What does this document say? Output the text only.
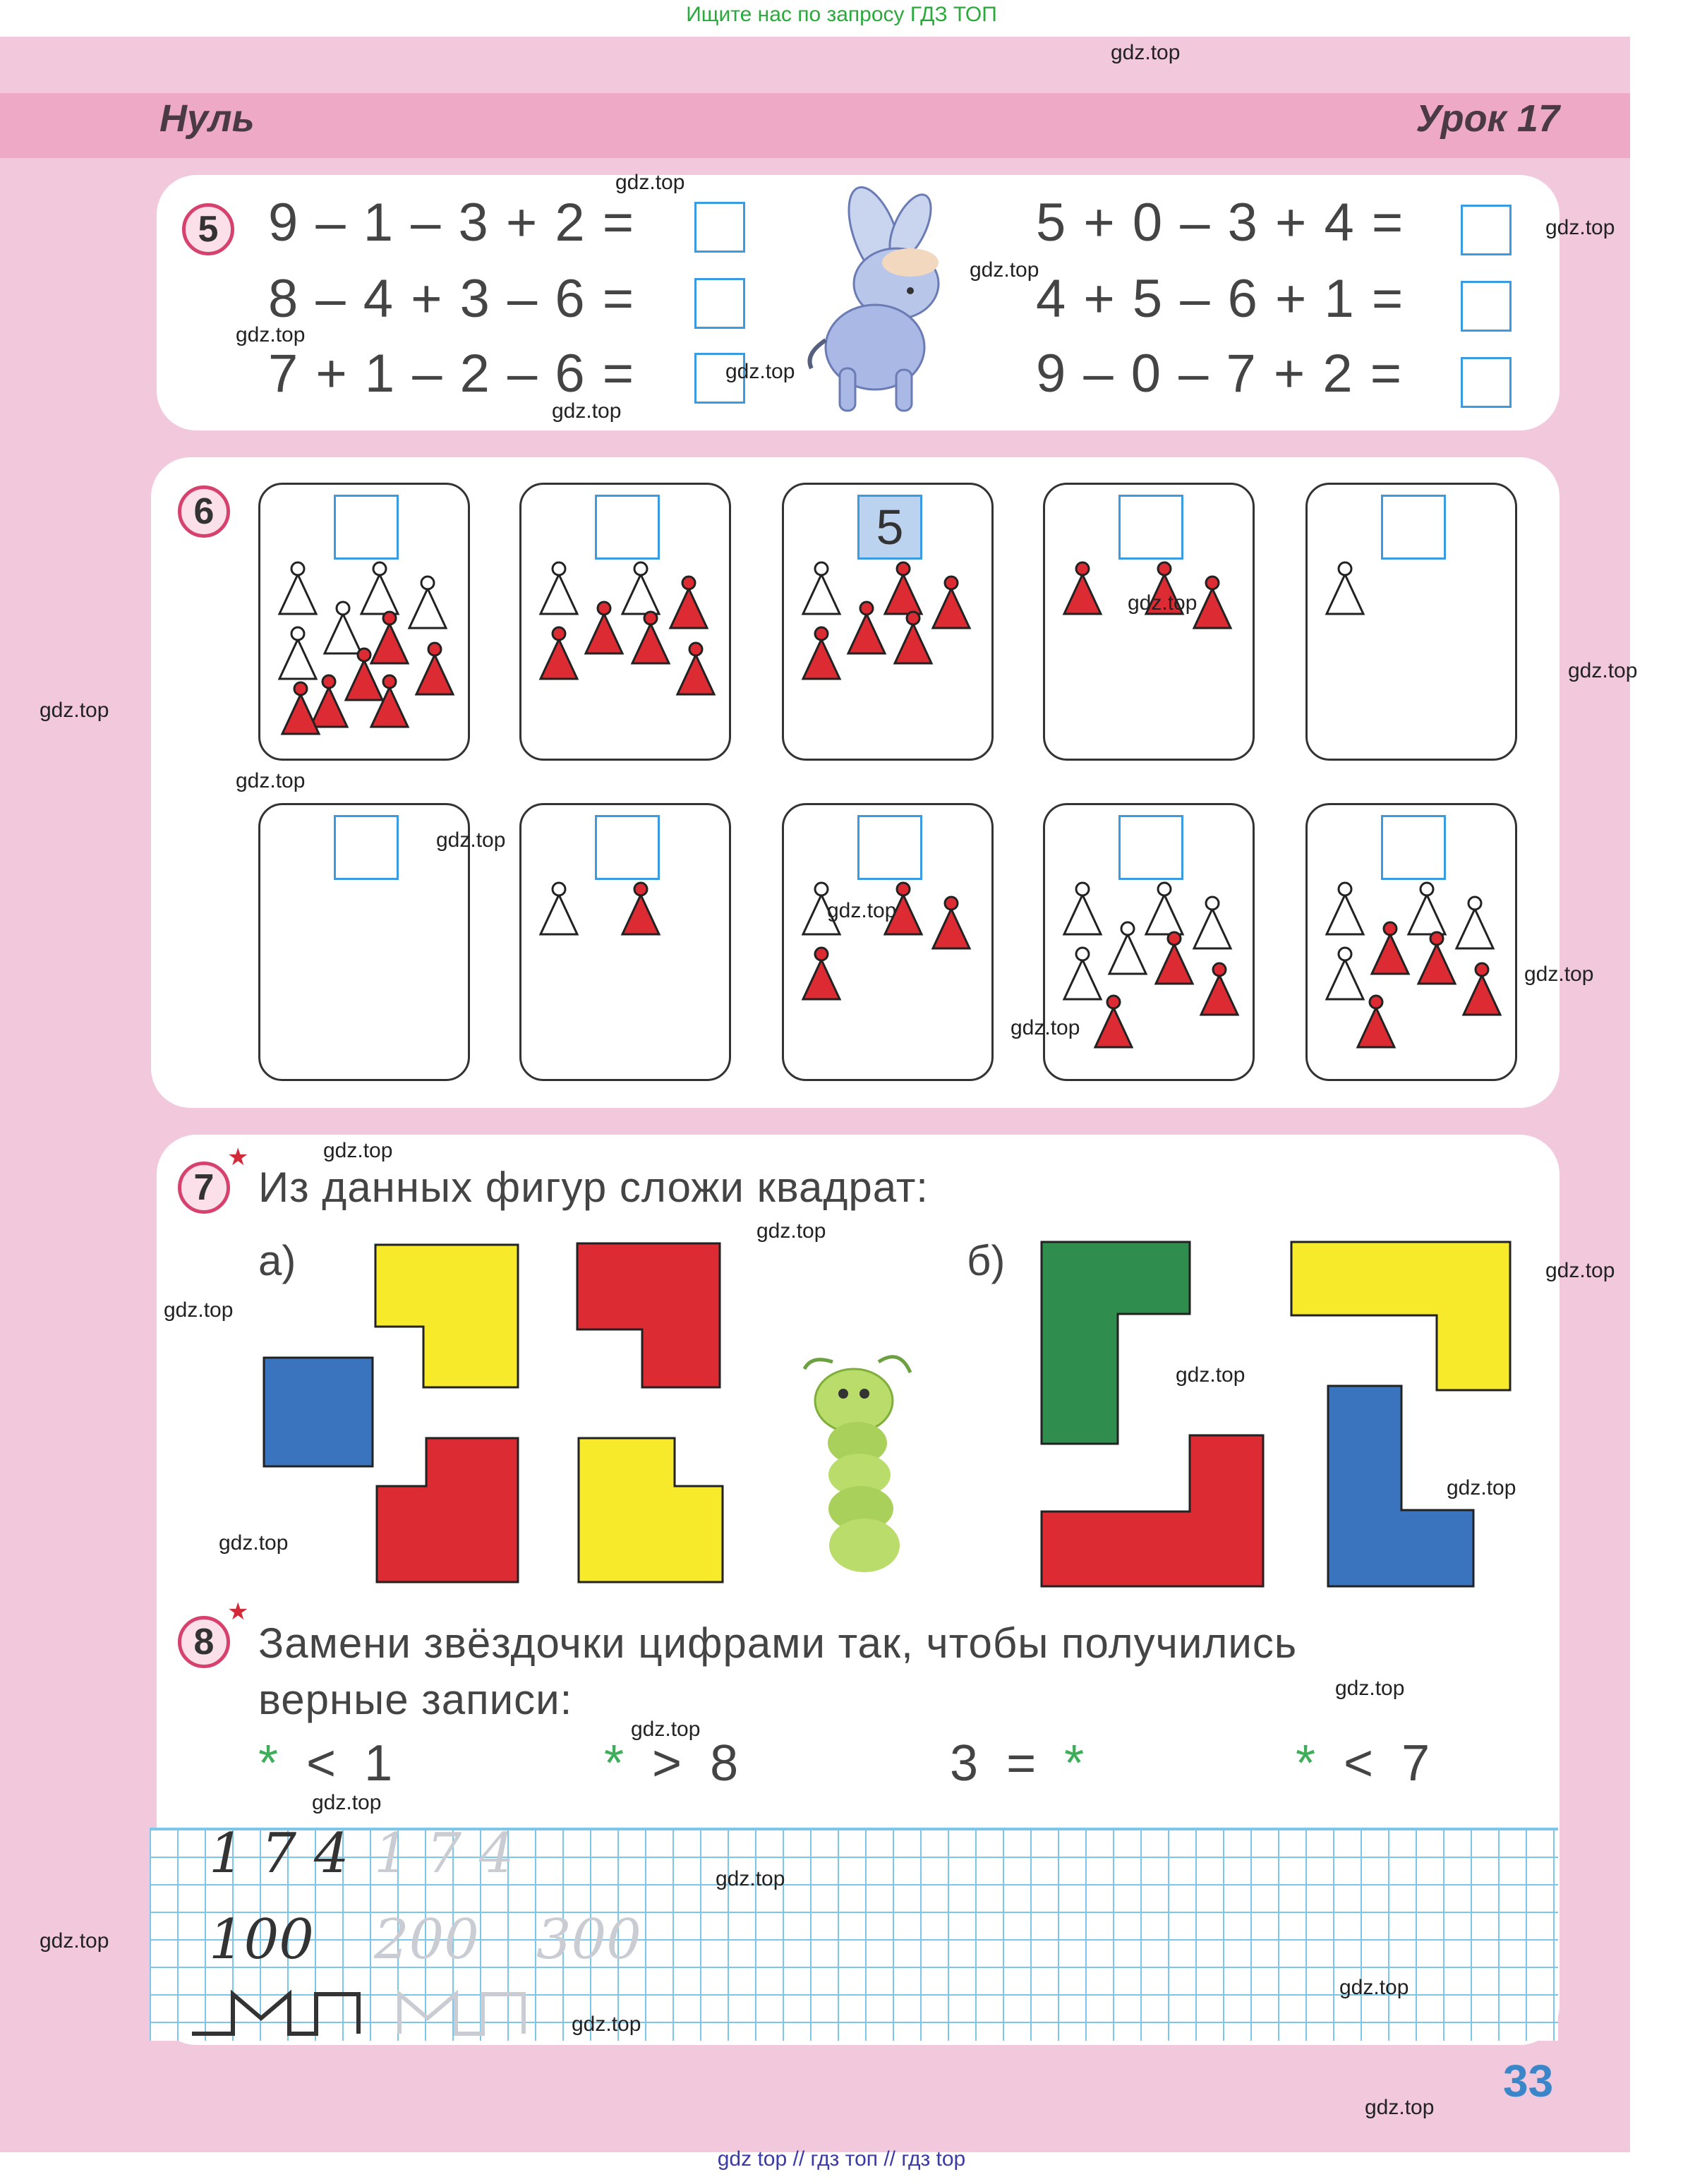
Ищите нас по запросу ГДЗ ТОП
Нуль	Урок 17
5 9 – 1 – 3 + 2 =
8 – 4 + 3 – 6 =
7 + 1 – 2 – 6 =
5 + 0 – 3 + 4 =
4 + 5 – 6 + 1 =
9 – 0 – 7 + 2 =
6	5
7
★
Из данных фигур сложи квадрат:
а)	б)
8
★
Замени звёздочки цифрами так, чтобы получились
верные записи:
* < 1	* > 8	3 = *	* < 7
1 7 4 1 7 4
100 200 300
33
gdz.top
gdz.top
gdz.top
gdz.top
gdz.top
gdz.top
gdz.top
gdz.top
gdz.top
gdz.top
gdz.top
gdz.top
gdz.top
gdz.top
gdz.top
gdz.top
gdz.top
gdz.top
gdz.top
gdz.top
gdz.top
gdz.top
gdz.top
gdz.top
gdz.top
gdz.top
gdz.top
gdz.top
gdz.top
gdz.top
gdz top // гдз топ // гдз top
